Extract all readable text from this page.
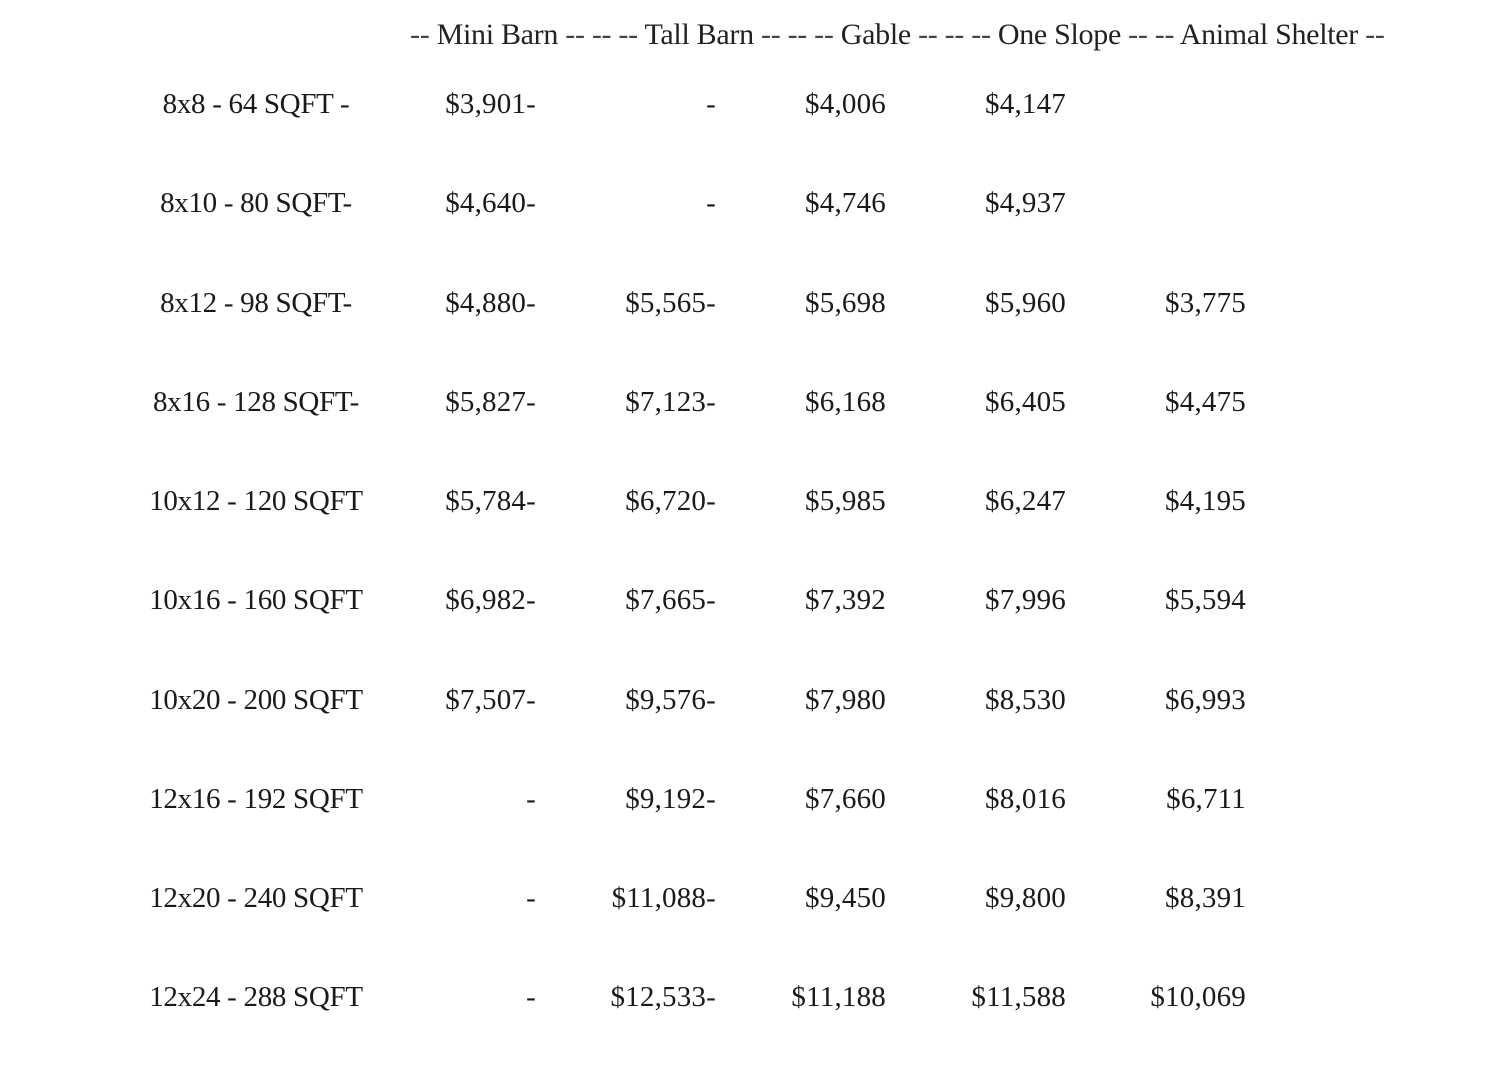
-- Mini Barn -- -- -- Tall Barn -- -- -- Gable -- -- -- One Slope -- -- Animal Shelter --
8x8 - 64 SQFT -	$3,901-	-	$4,006	$4,147
8x10 - 80 SQFT-	$4,640-	-	$4,746	$4,937
8x12 - 98 SQFT-	$4,880-	$5,565-	$5,698	$5,960	$3,775
8x16 - 128 SQFT-	$5,827-	$7,123-	$6,168	$6,405	$4,475
10x12 - 120 SQFT	$5,784-	$6,720-	$5,985	$6,247	$4,195
10x16 - 160 SQFT	$6,982-	$7,665-	$7,392	$7,996	$5,594
10x20 - 200 SQFT	$7,507-	$9,576-	$7,980	$8,530	$6,993
12x16 - 192 SQFT	-	$9,192-	$7,660	$8,016	$6,711
12x20 - 240 SQFT	-	$11,088-	$9,450	$9,800	$8,391
12x24 - 288 SQFT	-	$12,533-	$11,188	$11,588	$10,069
